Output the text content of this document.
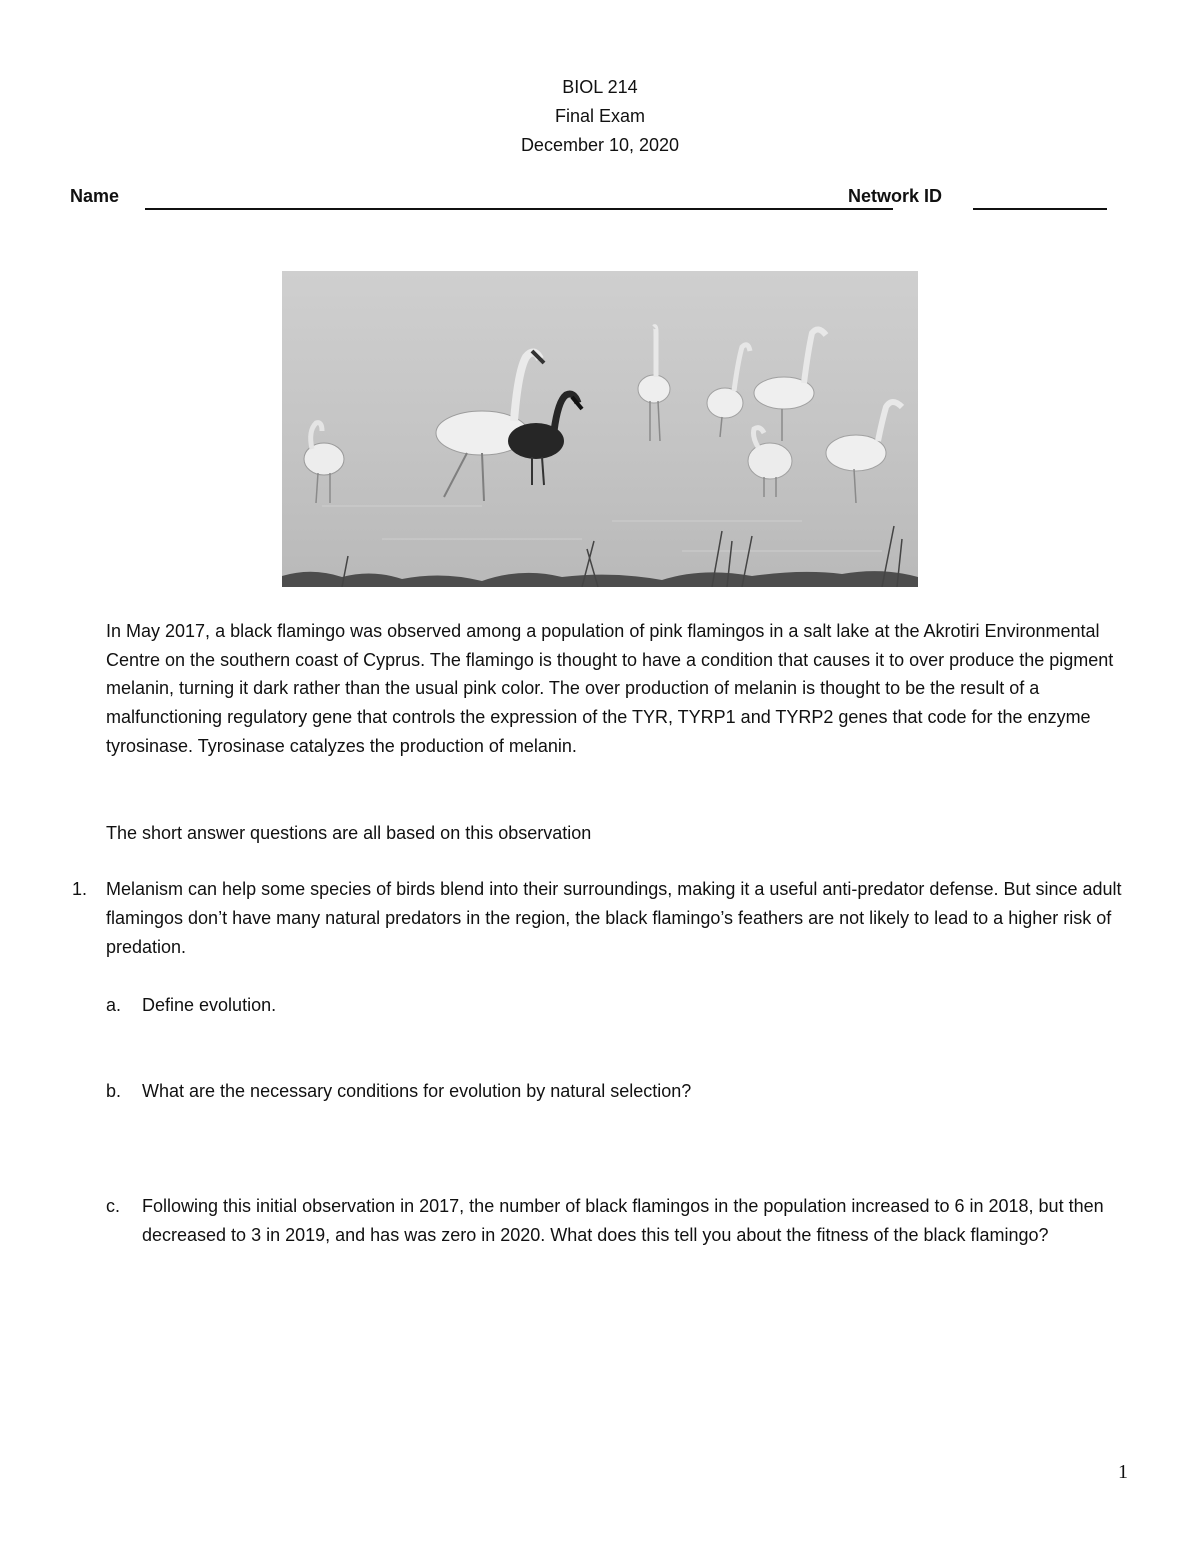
BIOL 214
Final Exam
December 10, 2020
Name	Network ID
In May 2017, a black flamingo was observed among a population of pink flamingos in a salt lake at the Akrotiri Environmental Centre on the southern coast of Cyprus. The flamingo is thought to have a condition that causes it to over produce the pigment melanin, turning it dark rather than the usual pink color. The over production of melanin is thought to be the result of a malfunctioning regulatory gene that controls the expression of the TYR, TYRP1 and TYRP2 genes that code for the enzyme tyrosinase. Tyrosinase catalyzes the production of melanin.
The short answer questions are all based on this observation
1. Melanism can help some species of birds blend into their surroundings, making it a useful anti-predator defense. But since adult flamingos don’t have many natural predators in the region, the black flamingo’s feathers are not likely to lead to a higher risk of predation.
a. Define evolution.
b. What are the necessary conditions for evolution by natural selection?
c. Following this initial observation in 2017, the number of black flamingos in the population increased to 6 in 2018, but then decreased to 3 in 2019, and has was zero in 2020. What does this tell you about the fitness of the black flamingo?
1
